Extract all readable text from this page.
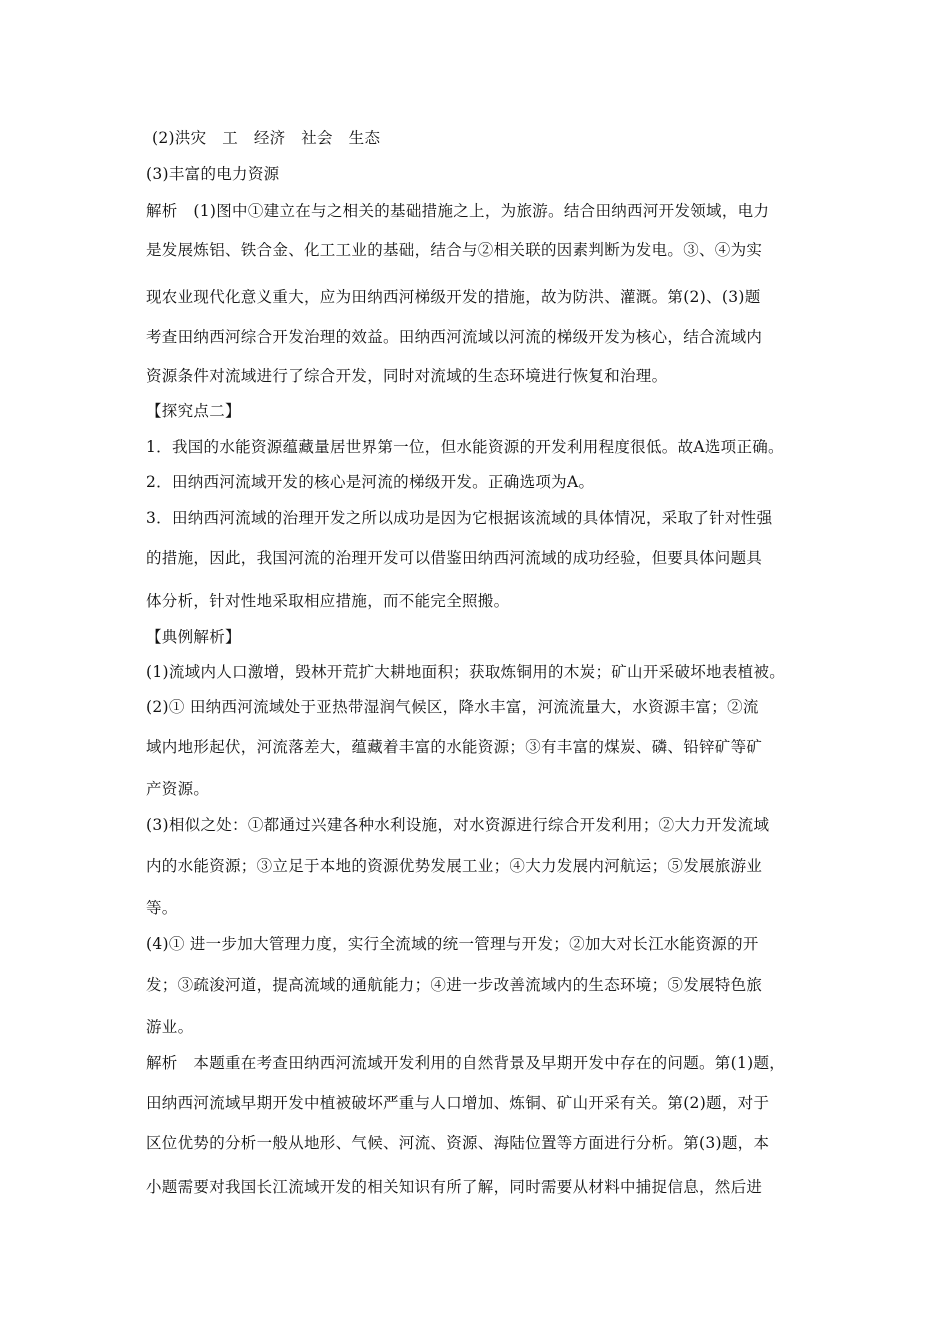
(2)洪灾　工　经济　社会　生态
(3)丰富的电力资源
解析　(1)图中①建立在与之相关的基础措施之上，为旅游。结合田纳西河开发领域，电力
是发展炼铝、铁合金、化工工业的基础，结合与②相关联的因素判断为发电。③、④为实
现农业现代化意义重大，应为田纳西河梯级开发的措施，故为防洪、灌溉。第(2)、(3)题
考查田纳西河综合开发治理的效益。田纳西河流域以河流的梯级开发为核心，结合流域内
资源条件对流域进行了综合开发，同时对流域的生态环境进行恢复和治理。
【探究点二】
1．我国的水能资源蕴藏量居世界第一位，但水能资源的开发利用程度很低。故A选项正确。
2．田纳西河流域开发的核心是河流的梯级开发。正确选项为A。
3．田纳西河流域的治理开发之所以成功是因为它根据该流域的具体情况，采取了针对性强
的措施，因此，我国河流的治理开发可以借鉴田纳西河流域的成功经验，但要具体问题具
体分析，针对性地采取相应措施，而不能完全照搬。
【典例解析】
(1)流域内人口激增，毁林开荒扩大耕地面积；获取炼铜用的木炭；矿山开采破坏地表植被。
(2)① 田纳西河流域处于亚热带湿润气候区，降水丰富，河流流量大，水资源丰富；②流
域内地形起伏，河流落差大，蕴藏着丰富的水能资源；③有丰富的煤炭、磷、铅锌矿等矿
产资源。
(3)相似之处：①都通过兴建各种水利设施，对水资源进行综合开发利用；②大力开发流域
内的水能资源；③立足于本地的资源优势发展工业；④大力发展内河航运；⑤发展旅游业
等。
(4)① 进一步加大管理力度，实行全流域的统一管理与开发；②加大对长江水能资源的开
发；③疏浚河道，提高流域的通航能力；④进一步改善流域内的生态环境；⑤发展特色旅
游业。
解析　本题重在考查田纳西河流域开发利用的自然背景及早期开发中存在的问题。第(1)题，
田纳西河流域早期开发中植被破坏严重与人口增加、炼铜、矿山开采有关。第(2)题，对于
区位优势的分析一般从地形、气候、河流、资源、海陆位置等方面进行分析。第(3)题，本
小题需要对我国长江流域开发的相关知识有所了解，同时需要从材料中捕捉信息，然后进
